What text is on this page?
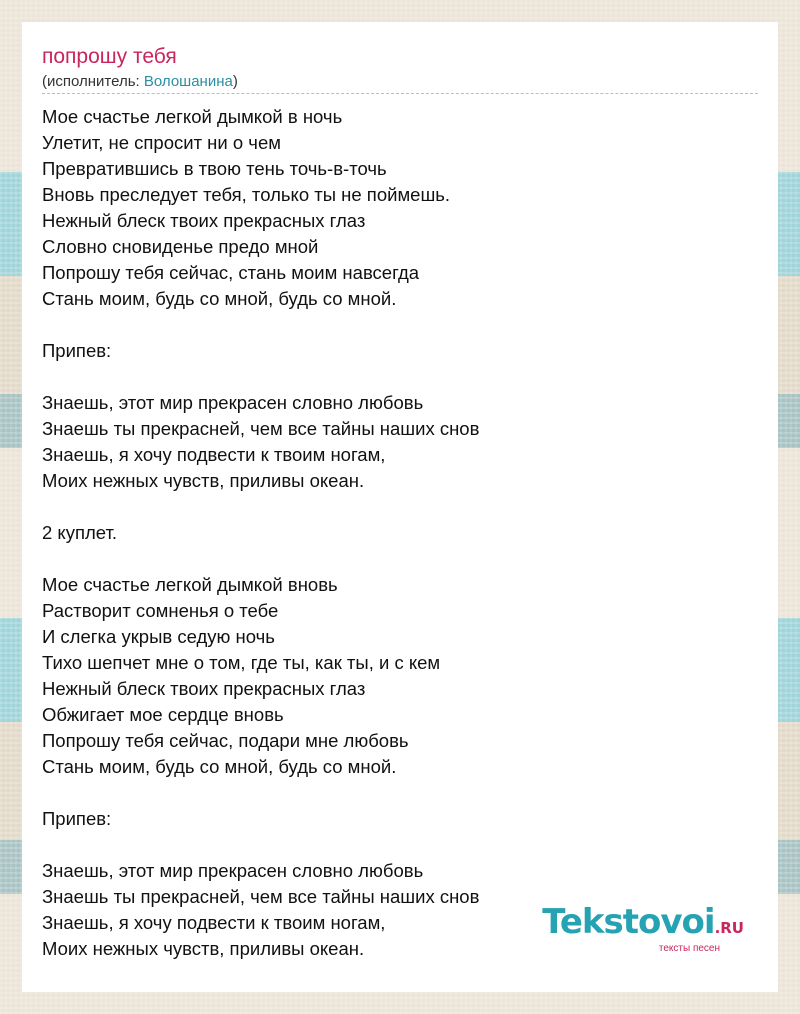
попрошу тебя
(исполнитель: Волошанина)
Мое счастье легкой дымкой в ночь
Улетит, не спросит ни о чем
Превратившись в твою тень точь-в-точь
Вновь преследует тебя, только ты не поймешь.
Нежный блеск твоих прекрасных глаз
Словно сновиденье предо мной
Попрошу тебя сейчас, стань моим навсегда
Стань моим, будь со мной, будь со мной.
Припев:
Знаешь, этот мир прекрасен словно любовь
Знаешь ты прекрасней, чем все тайны наших снов
Знаешь, я хочу подвести к твоим ногам,
Моих нежных чувств, приливы океан.
2 куплет.
Мое счастье легкой дымкой вновь
Растворит сомненья о тебе
И слегка укрыв седую ночь
Тихо шепчет мне о том, где ты, как ты, и с кем
Нежный блеск твоих прекрасных глаз
Обжигает мое сердце вновь
Попрошу тебя сейчас, подари мне любовь
Стань моим, будь со мной, будь со мной.
Припев:
Знаешь, этот мир прекрасен словно любовь
Знаешь ты прекрасней, чем все тайны наших снов
Знаешь, я хочу подвести к твоим ногам,
Моих нежных чувств, приливы океан.
Tekstovoi.RU
тексты песен
